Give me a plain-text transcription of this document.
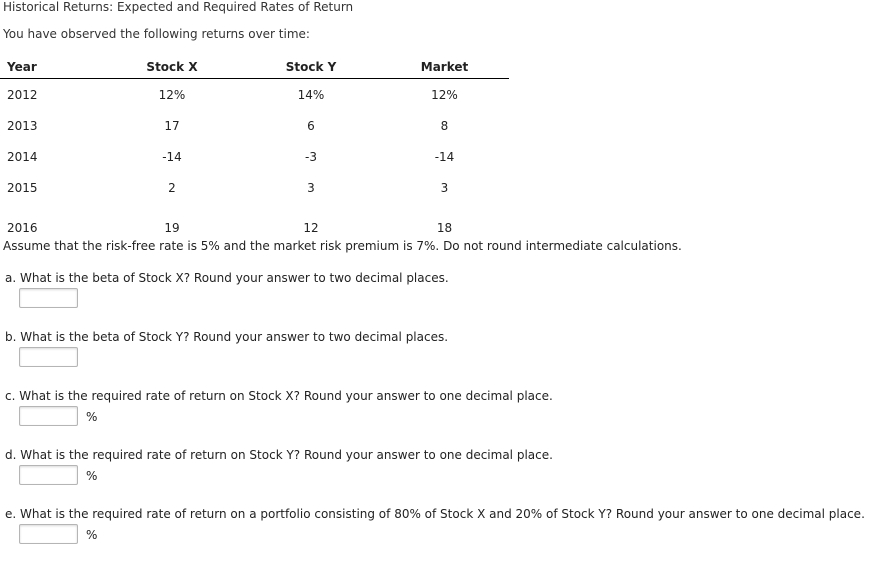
Historical Returns: Expected and Required Rates of Return
You have observed the following returns over time:
Year	Stock X	Stock Y	Market
2012	12%	14%	12%
2013	17	6	8
2014	-14	-3	-14
2015	2	3	3
2016	19	12	18
Assume that the risk-free rate is 5% and the market risk premium is 7%. Do not round intermediate calculations.
a. What is the beta of Stock X? Round your answer to two decimal places.
b. What is the beta of Stock Y? Round your answer to two decimal places.
c. What is the required rate of return on Stock X? Round your answer to one decimal place.
%
d. What is the required rate of return on Stock Y? Round your answer to one decimal place.
%
e. What is the required rate of return on a portfolio consisting of 80% of Stock X and 20% of Stock Y? Round your answer to one decimal place.
%
